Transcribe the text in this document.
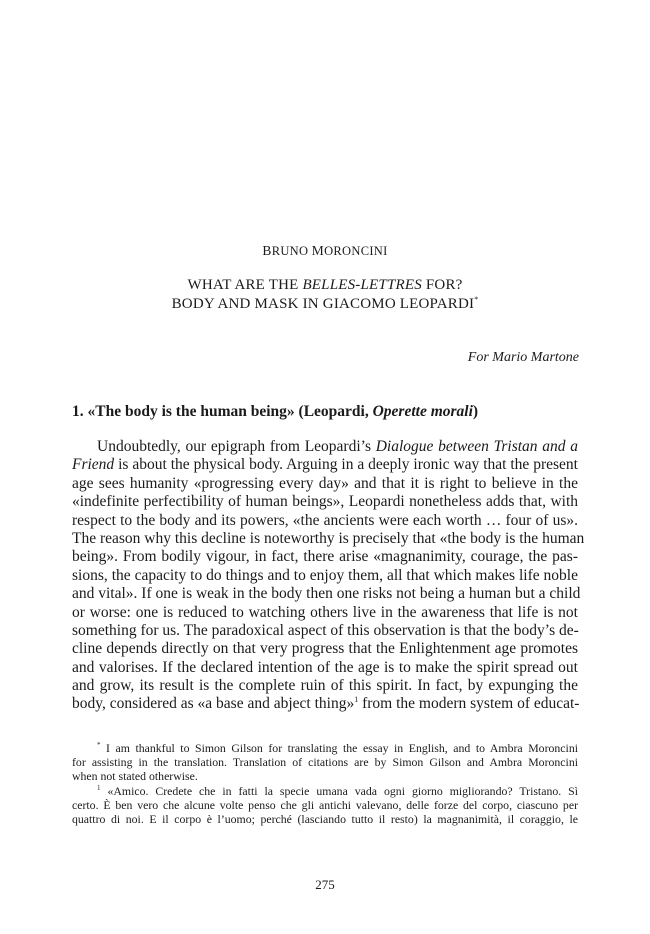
BRUNO MORONCINI
WHAT ARE THE BELLES-LETTRES FOR?
BODY AND MASK IN GIACOMO LEOPARDI*
For Mario Martone
1. «The body is the human being» (Leopardi, Operette morali)
Undoubtedly, our epigraph from Leopardi’s Dialogue between Tristan and a
Friend is about the physical body. Arguing in a deeply ironic way that the present
age sees humanity «progressing every day» and that it is right to believe in the
«indefinite perfectibility of human beings», Leopardi nonetheless adds that, with
respect to the body and its powers, «the ancients were each worth … four of us».
The reason why this decline is noteworthy is precisely that «the body is the human
being». From bodily vigour, in fact, there arise «magnanimity, courage, the pas-
sions, the capacity to do things and to enjoy them, all that which makes life noble
and vital». If one is weak in the body then one risks not being a human but a child
or worse: one is reduced to watching others live in the awareness that life is not
something for us. The paradoxical aspect of this observation is that the body’s de-
cline depends directly on that very progress that the Enlightenment age promotes
and valorises. If the declared intention of the age is to make the spirit spread out
and grow, its result is the complete ruin of this spirit. In fact, by expunging the
body, considered as «a base and abject thing»$^1$ from the modern system of educat-
* I am thankful to Simon Gilson for translating the essay in English, and to Ambra Moroncini
for assisting in the translation. Translation of citations are by Simon Gilson and Ambra Moroncini
when not stated otherwise.
$^1$ «Amico. Credete che in fatti la specie umana vada ogni giorno migliorando? Tristano. Sì
certo. È ben vero che alcune volte penso che gli antichi valevano, delle forze del corpo, ciascuno per
quattro di noi. E il corpo è l’uomo; perché (lasciando tutto il resto) la magnanimità, il coraggio, le
275
